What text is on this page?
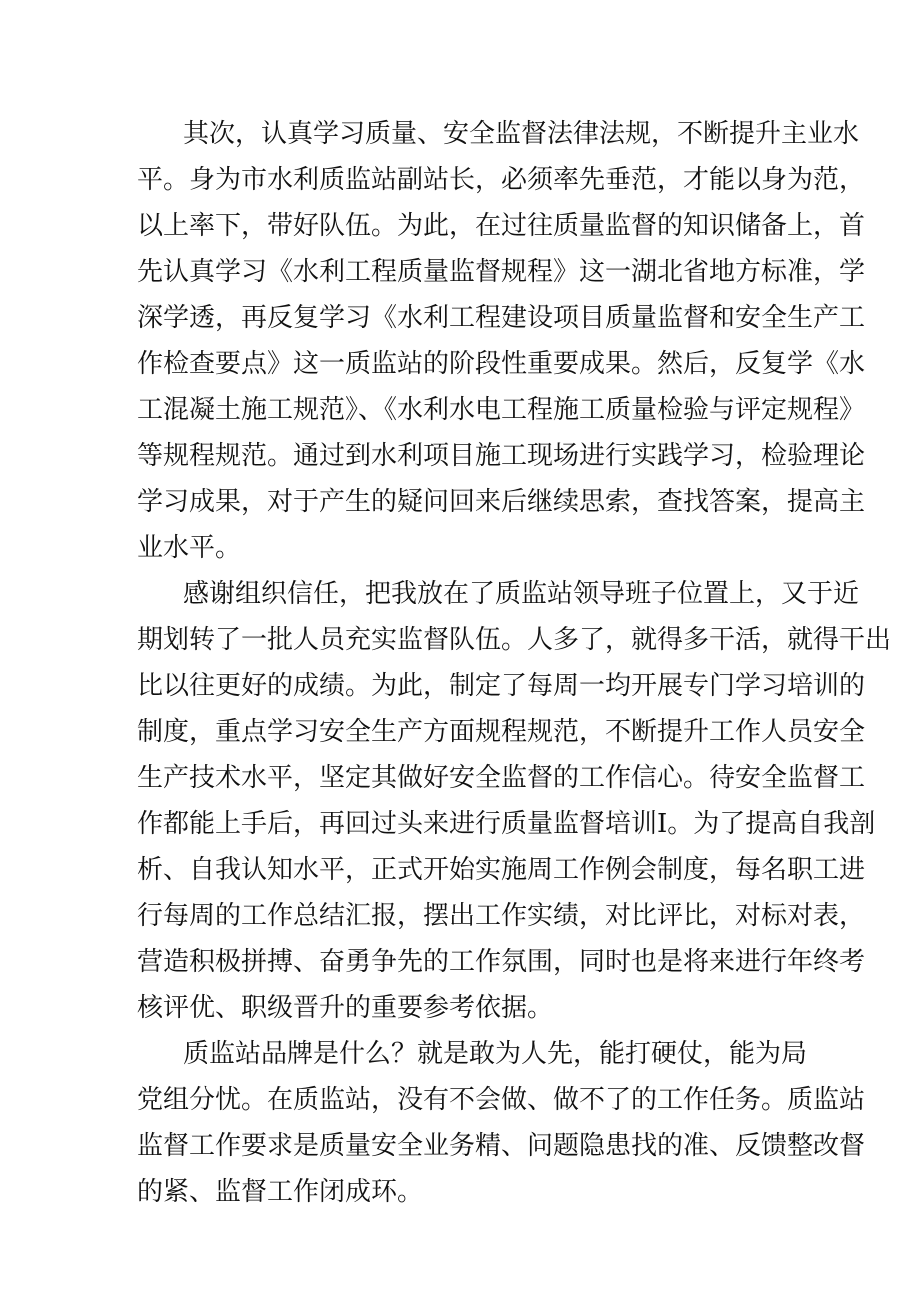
其次，认真学习质量、安全监督法律法规，不断提升主业水
平。身为市水利质监站副站长，必须率先垂范，才能以身为范，
以上率下，带好队伍。为此，在过往质量监督的知识储备上，首
先认真学习《水利工程质量监督规程》这一湖北省地方标准，学
深学透，再反复学习《水利工程建设项目质量监督和安全生产工
作检查要点》这一质监站的阶段性重要成果。然后，反复学《水
工混凝土施工规范》、《水利水电工程施工质量检验与评定规程》
等规程规范。通过到水利项目施工现场进行实践学习，检验理论
学习成果，对于产生的疑问回来后继续思索，查找答案，提高主
业水平。
感谢组织信任，把我放在了质监站领导班子位置上，又于近
期划转了一批人员充实监督队伍。人多了，就得多干活，就得干出
比以往更好的成绩。为此，制定了每周一均开展专门学习培训的
制度，重点学习安全生产方面规程规范，不断提升工作人员安全
生产技术水平，坚定其做好安全监督的工作信心。待安全监督工
作都能上手后，再回过头来进行质量监督培训I。为了提高自我剖
析、自我认知水平，正式开始实施周工作例会制度，每名职工进
行每周的工作总结汇报，摆出工作实绩，对比评比，对标对表，
营造积极拼搏、奋勇争先的工作氛围，同时也是将来进行年终考
核评优、职级晋升的重要参考依据。
质监站品牌是什么？就是敢为人先，能打硬仗，能为局
党组分忧。在质监站，没有不会做、做不了的工作任务。质监站
监督工作要求是质量安全业务精、问题隐患找的准、反馈整改督
的紧、监督工作闭成环。
